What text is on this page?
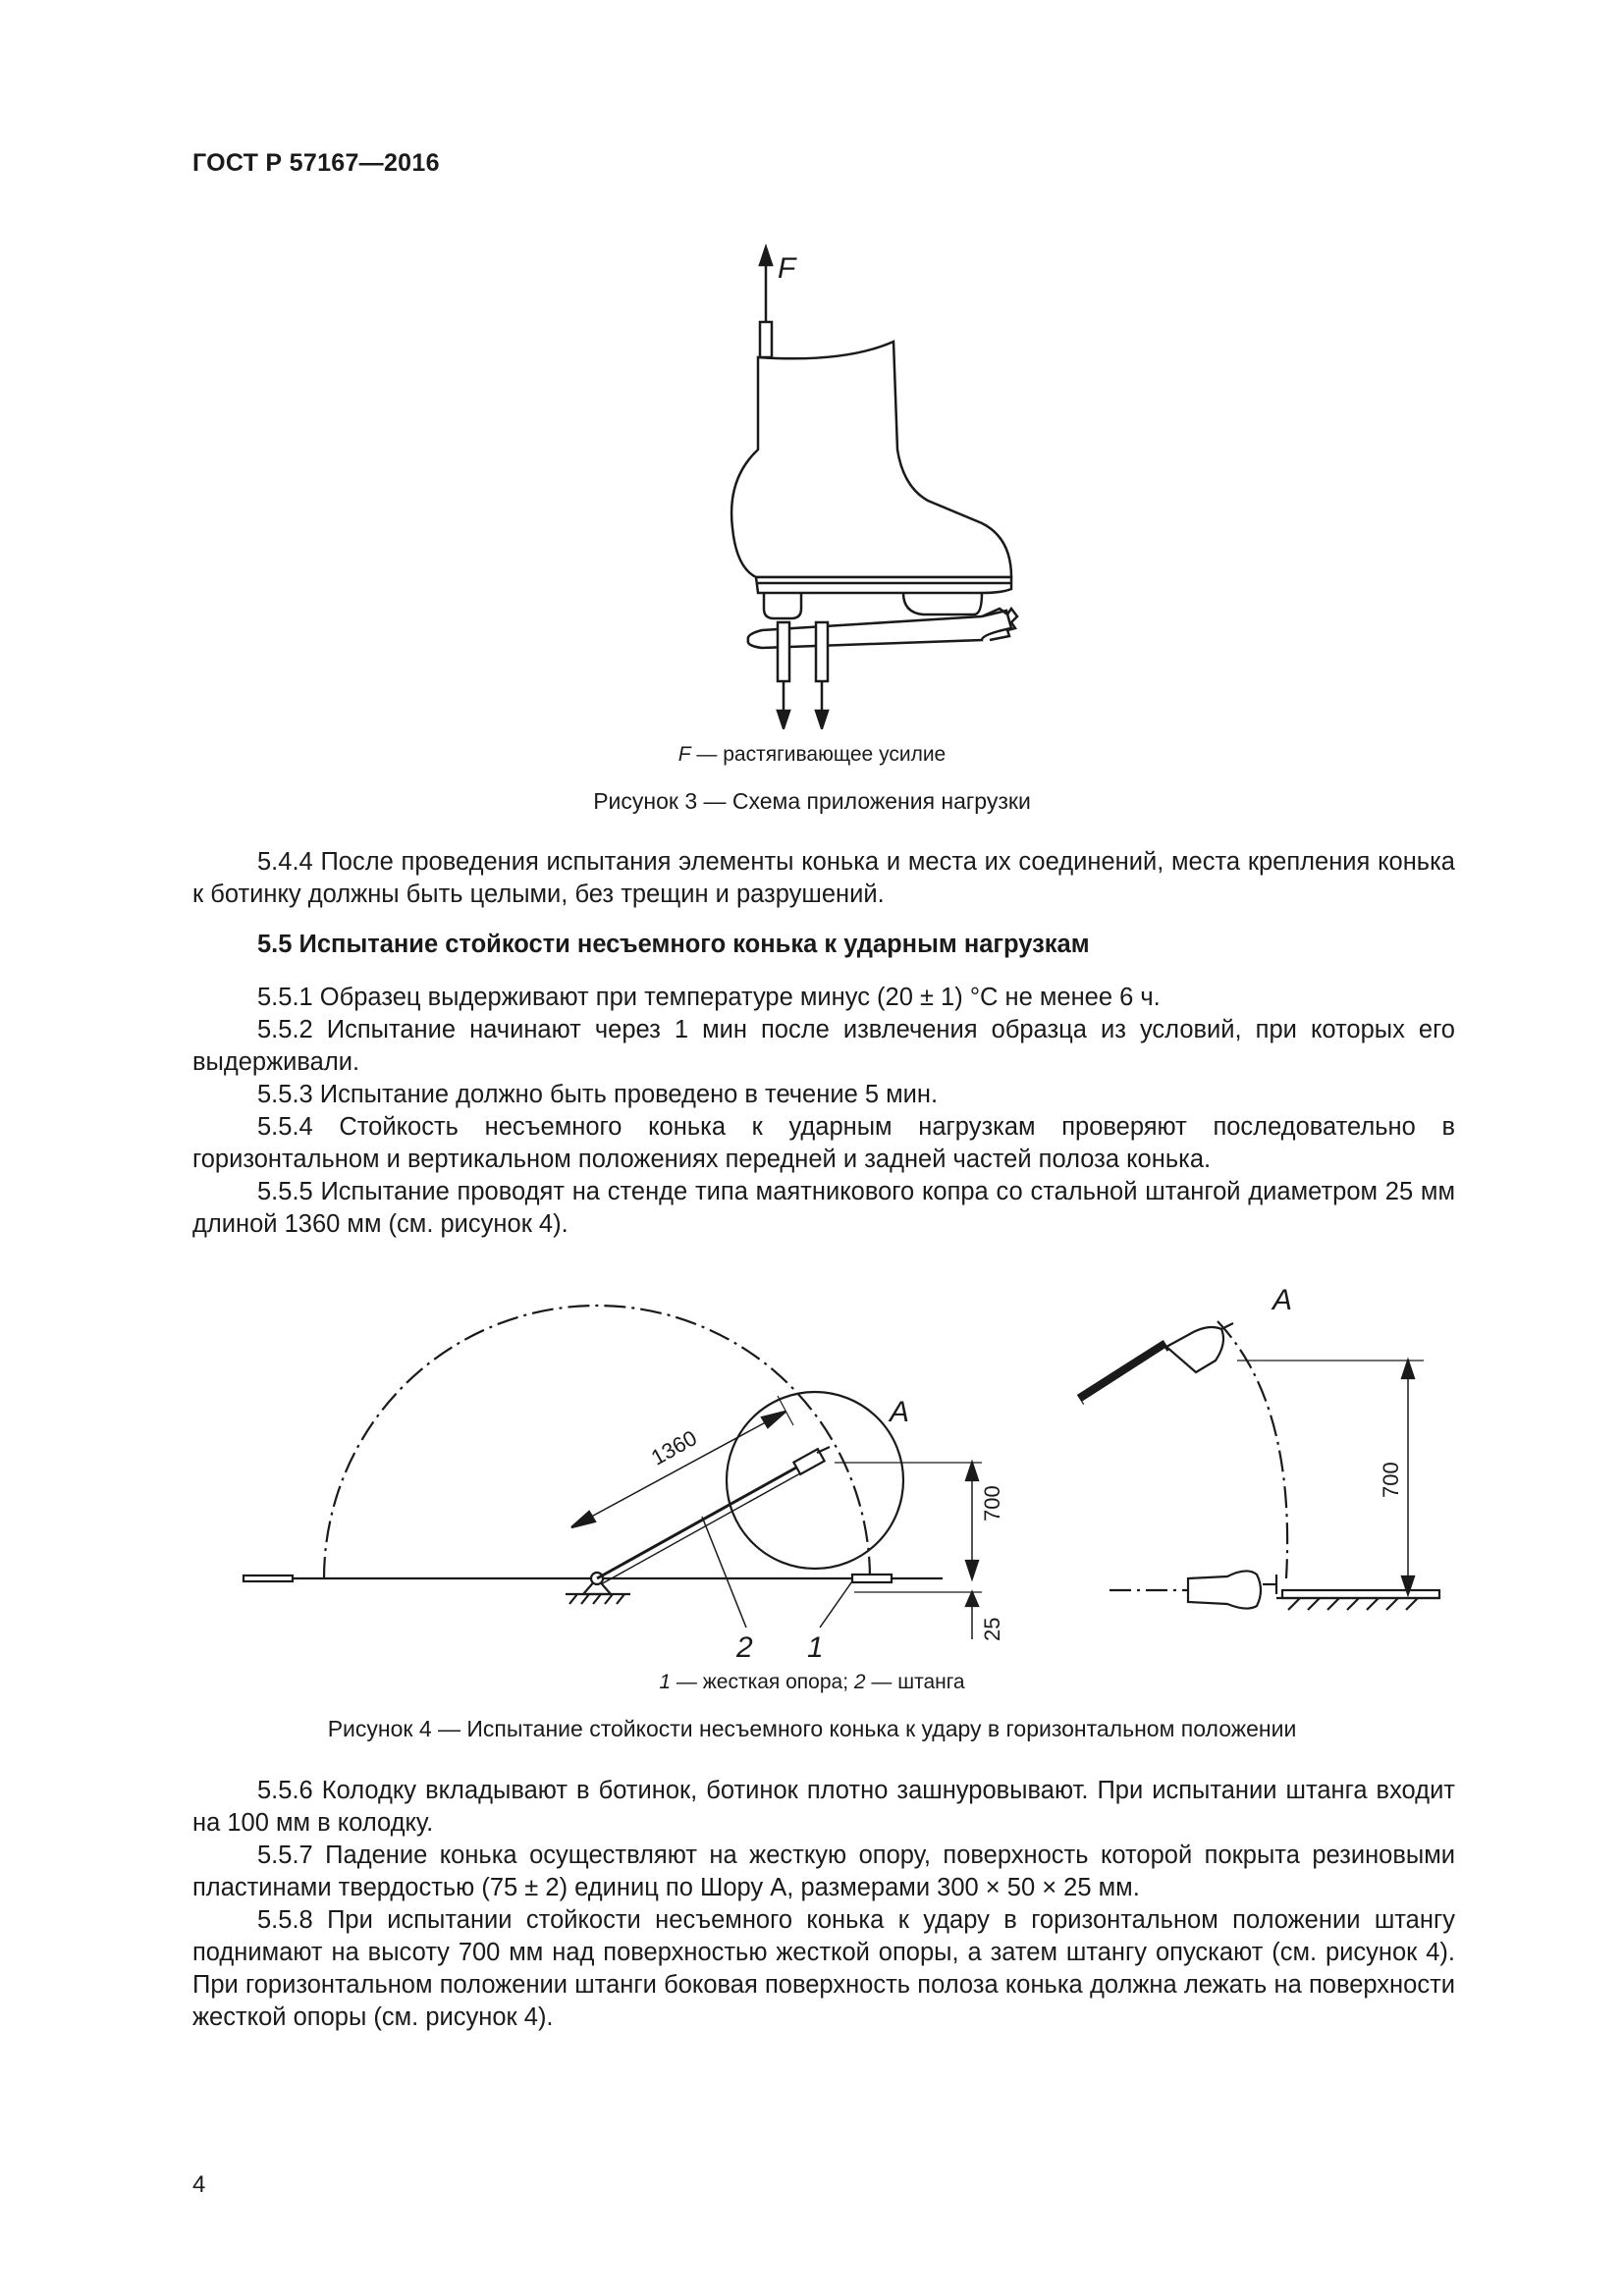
ГОСТ Р 57167—2016
F
F — растягивающее усилие
Рисунок 3 — Схема приложения нагрузки

5.4.4 После проведения испытания элементы конька и места их соединений, места крепления конька к ботинку должны быть целыми, без трещин и разрушений.

5.5 Испытание стойкости несъемного конька к ударным нагрузкам

5.5.1 Образец выдерживают при температуре минус (20 ± 1) °С не менее 6 ч.

5.5.2 Испытание начинают через 1 мин после извлечения образца из условий, при которых его выдерживали.

5.5.3 Испытание должно быть проведено в течение 5 мин.

5.5.4 Стойкость несъемного конька к ударным нагрузкам проверяют последовательно в горизонтальном и вертикальном положениях передней и задней частей полоза конька.

5.5.5 Испытание проводят на стенде типа маятникового копра со стальной штангой диаметром 25 мм длиной 1360 мм (см. рисунок 4).

1360
700
25
700
А
А
2 1
1 — жесткая опора; 2 — штанга
Рисунок 4 — Испытание стойкости несъемного конька к удару в горизонтальном положении

5.5.6 Колодку вкладывают в ботинок, ботинок плотно зашнуровывают. При испытании штанга входит на 100 мм в колодку.

5.5.7 Падение конька осуществляют на жесткую опору, поверхность которой покрыта резиновыми пластинами твердостью (75 ± 2) единиц по Шору А, размерами 300 × 50 × 25 мм.

5.5.8 При испытании стойкости несъемного конька к удару в горизонтальном положении штангу поднимают на высоту 700 мм над поверхностью жесткой опоры, а затем штангу опускают (см. рисунок 4). При горизонтальном положении штанги боковая поверхность полоза конька должна лежать на поверхности жесткой опоры (см. рисунок 4).

4
